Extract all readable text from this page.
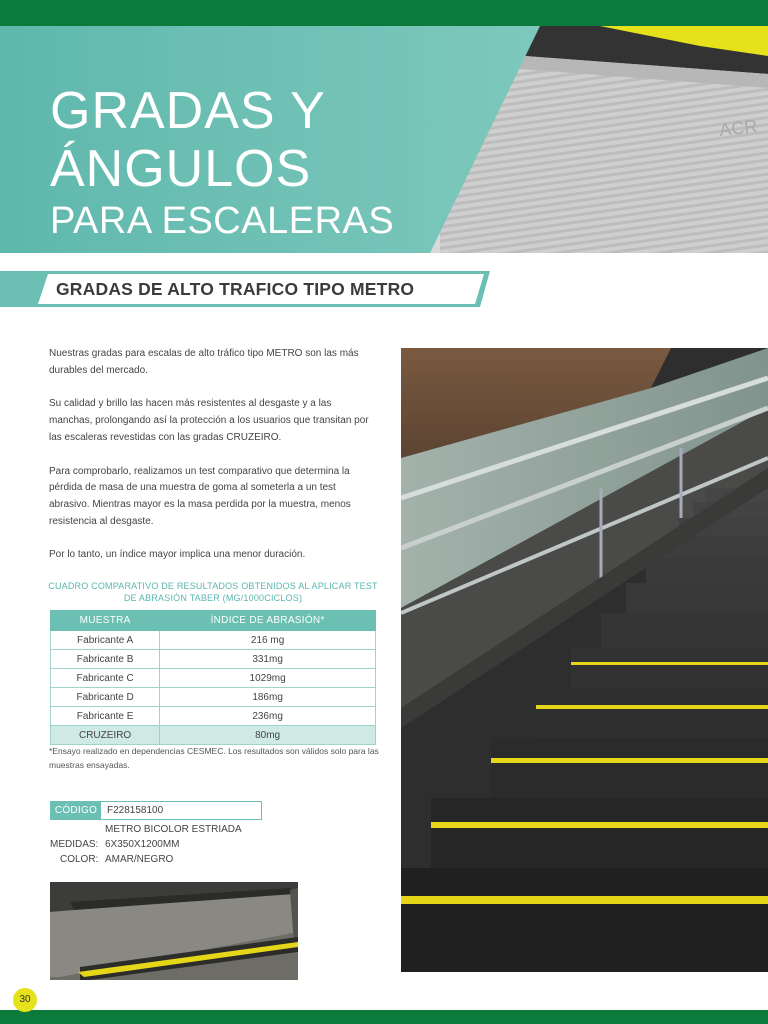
ACR
GRADAS Y
ÁNGULOS
PARA ESCALERAS
GRADAS DE ALTO TRAFICO TIPO METRO

Nuestras gradas para escalas de alto tráfico tipo METRO son las más durables del mercado.

Su calidad y brillo las hacen más resistentes al desgaste y a las manchas, prolongando así la protección a los usuarios que transitan por las escaleras revestidas con las gradas CRUZEIRO.

Para comprobarlo, realizamos un test comparativo que determina la pérdida de masa de una muestra de goma al someterla a un test abrasivo. Mientras mayor es la masa perdida por la muestra, menos resistencia al desgaste.

Por lo tanto, un índice mayor implica una menor duración.

CUADRO COMPARATIVO DE RESULTADOS OBTENIDOS AL APLICAR TEST DE ABRASIÓN TABER (MG/1000CICLOS)
MUESTRA	ÍNDICE DE ABRASIÓN*
Fabricante A	216 mg
Fabricante B	331mg
Fabricante C	1029mg
Fabricante D	186mg
Fabricante E	236mg
CRUZEIRO	80mg
*Ensayo realizado en dependencias CESMEC. Los resultados son válidos solo para las muestras ensayadas.
CÓDIGO F228158100
METRO BICOLOR ESTRIADA
MEDIDAS: 6X350X1200MM
COLOR: AMAR/NEGRO
30
